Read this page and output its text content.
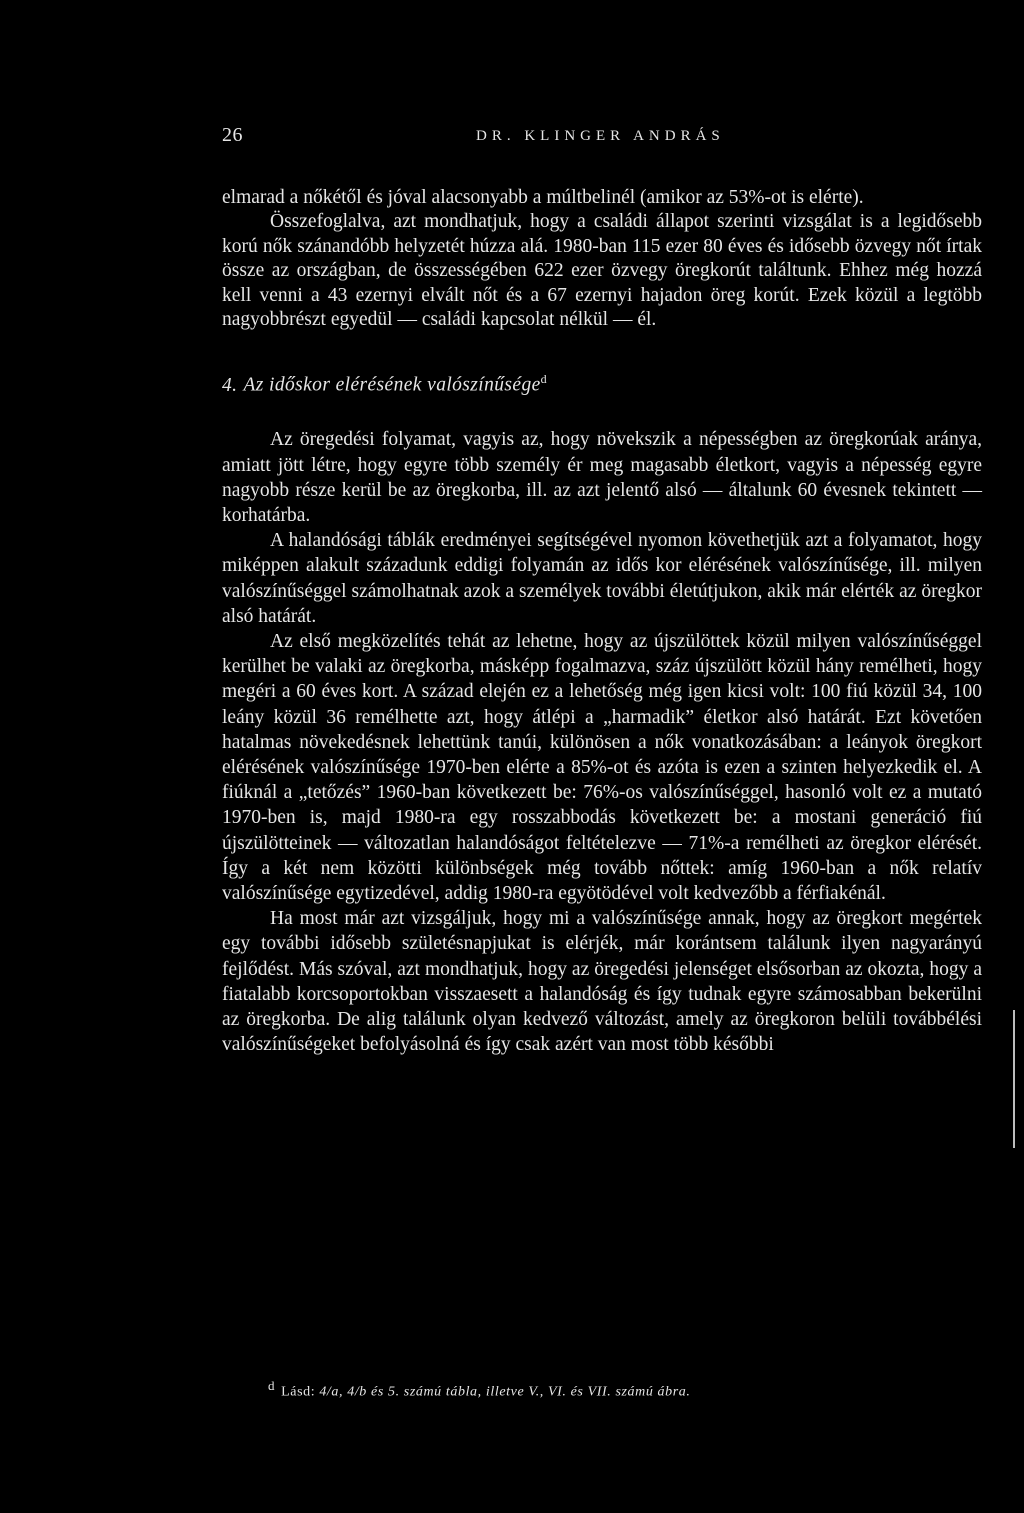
26	DR. KLINGER ANDRÁS

elmarad a nőkétől és jóval alacsonyabb a múltbelinél (amikor az 53%-ot is elérte).

Összefoglalva, azt mondhatjuk, hogy a családi állapot szerinti vizsgálat is a legidősebb korú nők szánandóbb helyzetét húzza alá. 1980-ban 115 ezer 80 éves és idősebb özvegy nőt írtak össze az országban, de összességében 622 ezer özvegy öregkorút találtunk. Ehhez még hozzá kell venni a 43 ezernyi elvált nőt és a 67 ezernyi hajadon öreg korút. Ezek közül a legtöbb nagyobbrészt egyedül — családi kapcsolat nélkül — él.

4. Az időskor elérésének valószínűsége$^d$

Az öregedési folyamat, vagyis az, hogy növekszik a népességben az öregkorúak aránya, amiatt jött létre, hogy egyre több személy ér meg magasabb életkort, vagyis a népesség egyre nagyobb része kerül be az öregkorba, ill. az azt jelentő alsó — általunk 60 évesnek tekintett — korhatárba.

A halandósági táblák eredményei segítségével nyomon követhetjük azt a folyamatot, hogy miképpen alakult századunk eddigi folyamán az idős kor elérésének valószínűsége, ill. milyen valószínűséggel számolhatnak azok a személyek további életútjukon, akik már elérték az öregkor alsó határát.

Az első megközelítés tehát az lehetne, hogy az újszülöttek közül milyen valószínűséggel kerülhet be valaki az öregkorba, másképp fogalmazva, száz újszülött közül hány remélheti, hogy megéri a 60 éves kort. A század elején ez a lehetőség még igen kicsi volt: 100 fiú közül 34, 100 leány közül 36 remélhette azt, hogy átlépi a „harmadik” életkor alsó határát. Ezt követően hatalmas növekedésnek lehettünk tanúi, különösen a nők vonatkozásában: a leányok öregkort elérésének valószínűsége 1970-ben elérte a 85%-ot és azóta is ezen a szinten helyezkedik el. A fiúknál a „tetőzés” 1960-ban következett be: 76%-os valószínűséggel, hasonló volt ez a mutató 1970-ben is, majd 1980-ra egy rosszabbodás következett be: a mostani generáció fiú újszülötteinek — változatlan halandóságot feltételezve — 71%-a remélheti az öregkor elérését. Így a két nem közötti különbségek még tovább nőttek: amíg 1960-ban a nők relatív valószínűsége egytizedével, addig 1980-ra egyötödével volt kedvezőbb a férfiakénál.

Ha most már azt vizsgáljuk, hogy mi a valószínűsége annak, hogy az öregkort megértek egy további idősebb születésnapjukat is elérjék, már korántsem találunk ilyen nagyarányú fejlődést. Más szóval, azt mondhatjuk, hogy az öregedési jelenséget elsősorban az okozta, hogy a fiatalabb korcsoportokban visszaesett a halandóság és így tudnak egyre számosabban bekerülni az öregkorba. De alig találunk olyan kedvező változást, amely az öregkoron belüli továbbélési valószínűségeket befolyásolná és így csak azért van most több későbbi

d Lásd: 4/a, 4/b és 5. számú tábla, illetve V., VI. és VII. számú ábra.
